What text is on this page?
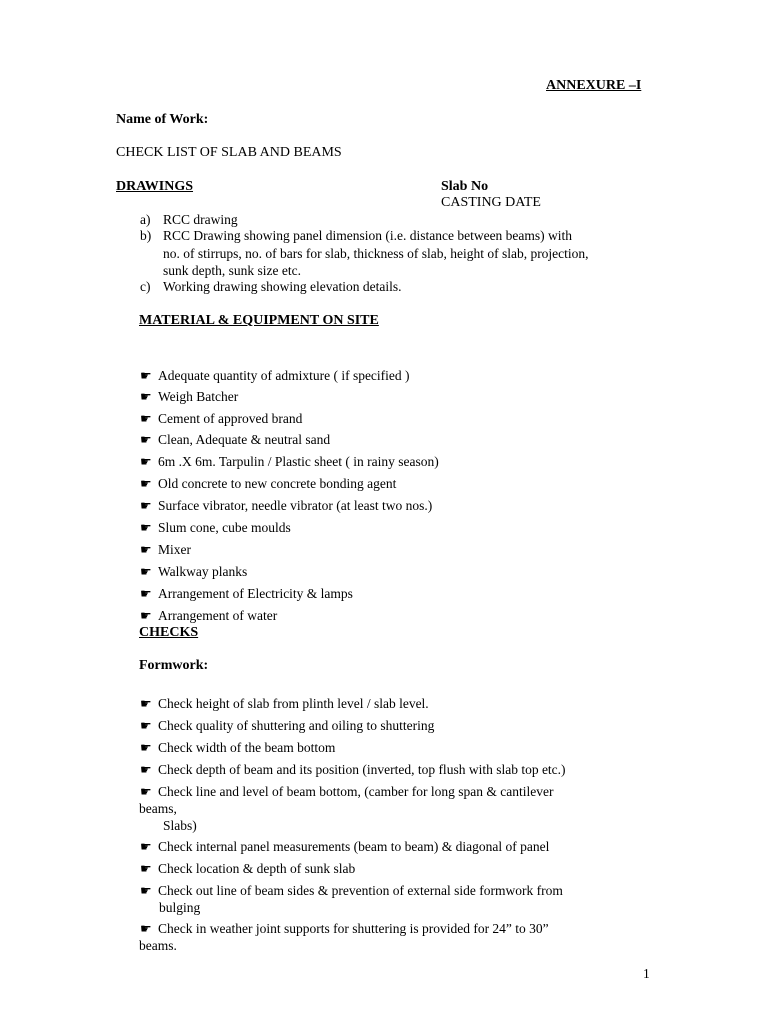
ANNEXURE –I
Name of Work:
CHECK LIST OF SLAB AND BEAMS
DRAWINGS	Slab No
CASTING DATE
a) RCC drawing
b) RCC Drawing showing panel dimension (i.e. distance between beams) with
no. of stirrups, no. of bars for slab, thickness of slab, height of slab, projection,
sunk depth, sunk size etc.
c) Working drawing showing elevation details.
MATERIAL & EQUIPMENT ON SITE
☛ Adequate quantity of admixture ( if specified )
☛ Weigh Batcher
☛ Cement of approved brand
☛ Clean, Adequate & neutral sand
☛ 6m .X 6m. Tarpulin / Plastic sheet ( in rainy season)
☛ Old concrete to new concrete bonding agent
☛ Surface vibrator, needle vibrator (at least two nos.)
☛ Slum cone, cube moulds
☛ Mixer
☛ Walkway planks
☛ Arrangement of Electricity & lamps
☛ Arrangement of water
CHECKS
Formwork:
☛ Check height of slab from plinth level / slab level.
☛ Check quality of shuttering and oiling to shuttering
☛ Check width of the beam bottom
☛ Check depth of beam and its position (inverted, top flush with slab top etc.)
☛ Check line and level of beam bottom, (camber for long span & cantilever
beams,
Slabs)
☛ Check internal panel measurements (beam to beam) & diagonal of panel
☛ Check location & depth of sunk slab
☛ Check out line of beam sides & prevention of external side formwork from
bulging
☛ Check in weather joint supports for shuttering is provided for 24” to 30”
beams.
1
